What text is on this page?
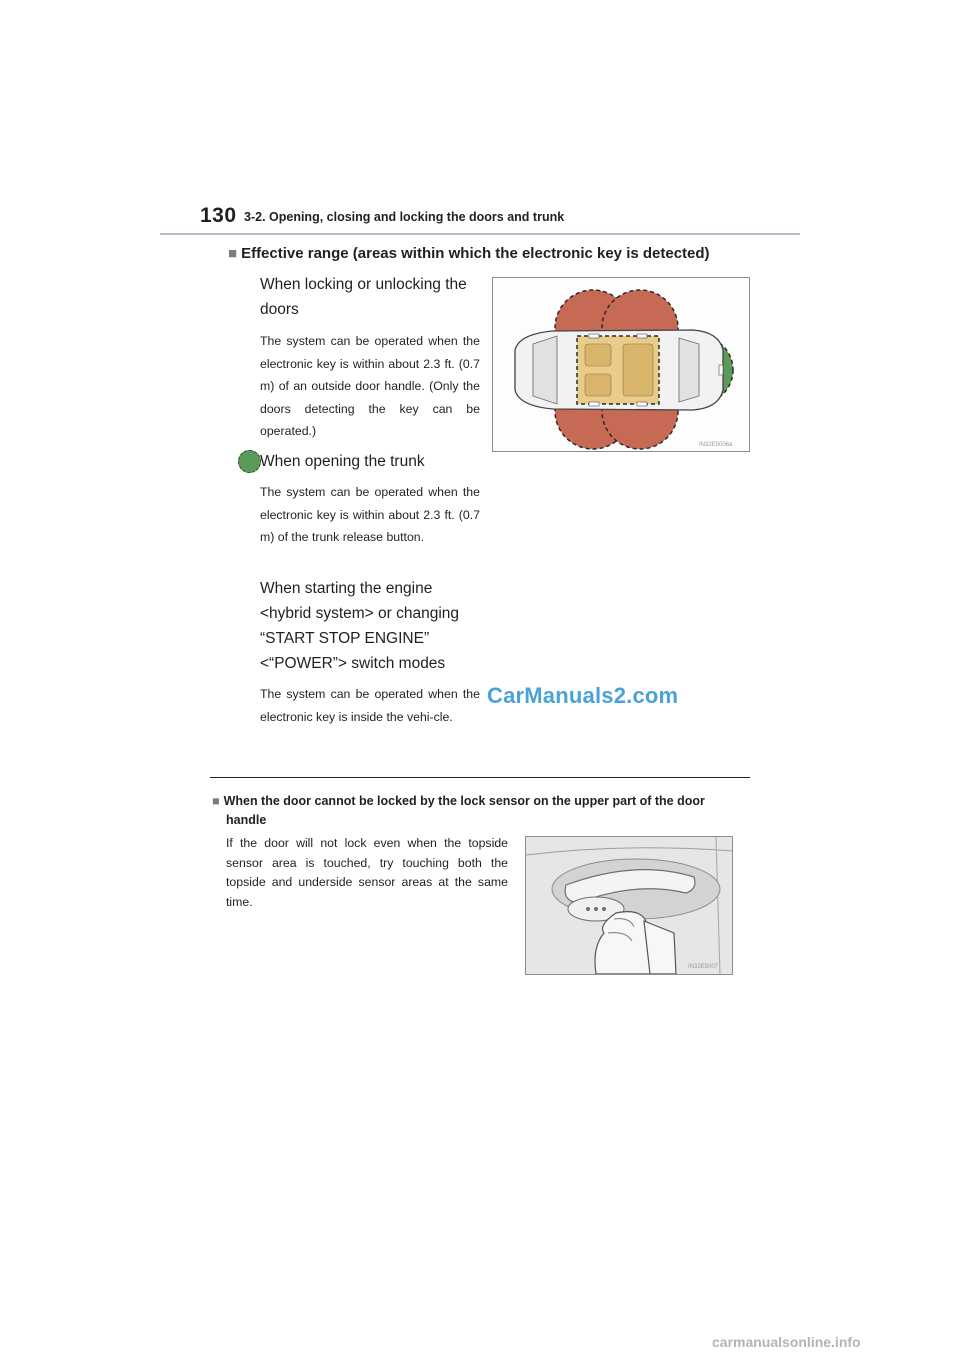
130 3-2. Opening, closing and locking the doors and trunk
■ Effective range (areas within which the electronic key is detected)
When locking or unlocking the
doors
The system can be operated when the electronic key is within about 2.3 ft. (0.7 m) of an outside door handle. (Only the doors detecting the key can be operated.)
When opening the trunk
The system can be operated when the electronic key is within about 2.3 ft. (0.7 m) of the trunk release button.
When starting the engine
<hybrid system> or changing
“START STOP ENGINE”
<“POWER”> switch modes
The system can be operated when the electronic key is inside the vehi-cle.
IN32E5006a
CarManuals2.com
■ When the door cannot be locked by the lock sensor on the upper part of the door
handle
If the door will not lock even when the topside sensor area is touched, try touching both the topside and underside sensor areas at the same time.
IN32E5007
carmanualsonline.info
